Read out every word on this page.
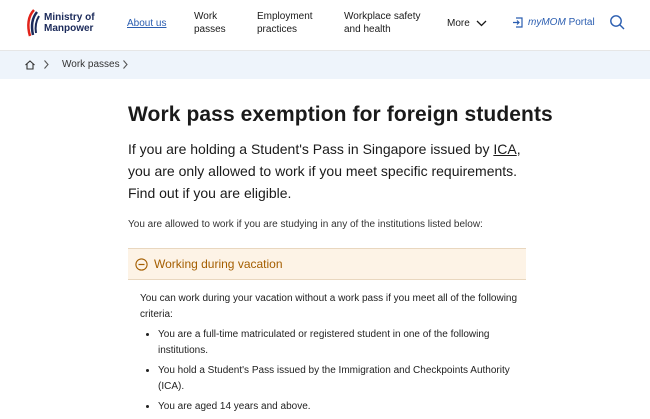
Ministry of
Manpower	About us
Work
passes
Employment
practices
Workplace safety
and health
More	myMOM Portal
Work passes
Work pass exemption for foreign students

If you are holding a Student's Pass in Singapore issued by ICA, you are only allowed to work if you meet specific requirements. Find out if you are eligible.

You are allowed to work if you are studying in any of the institutions listed below:

Working during vacation

You can work during your vacation without a work pass if you meet all of the following criteria:

• You are a full-time matriculated or registered student in one of the following institutions.
• You hold a Student's Pass issued by the Immigration and Checkpoints Authority (ICA).
• You are aged 14 years and above.
